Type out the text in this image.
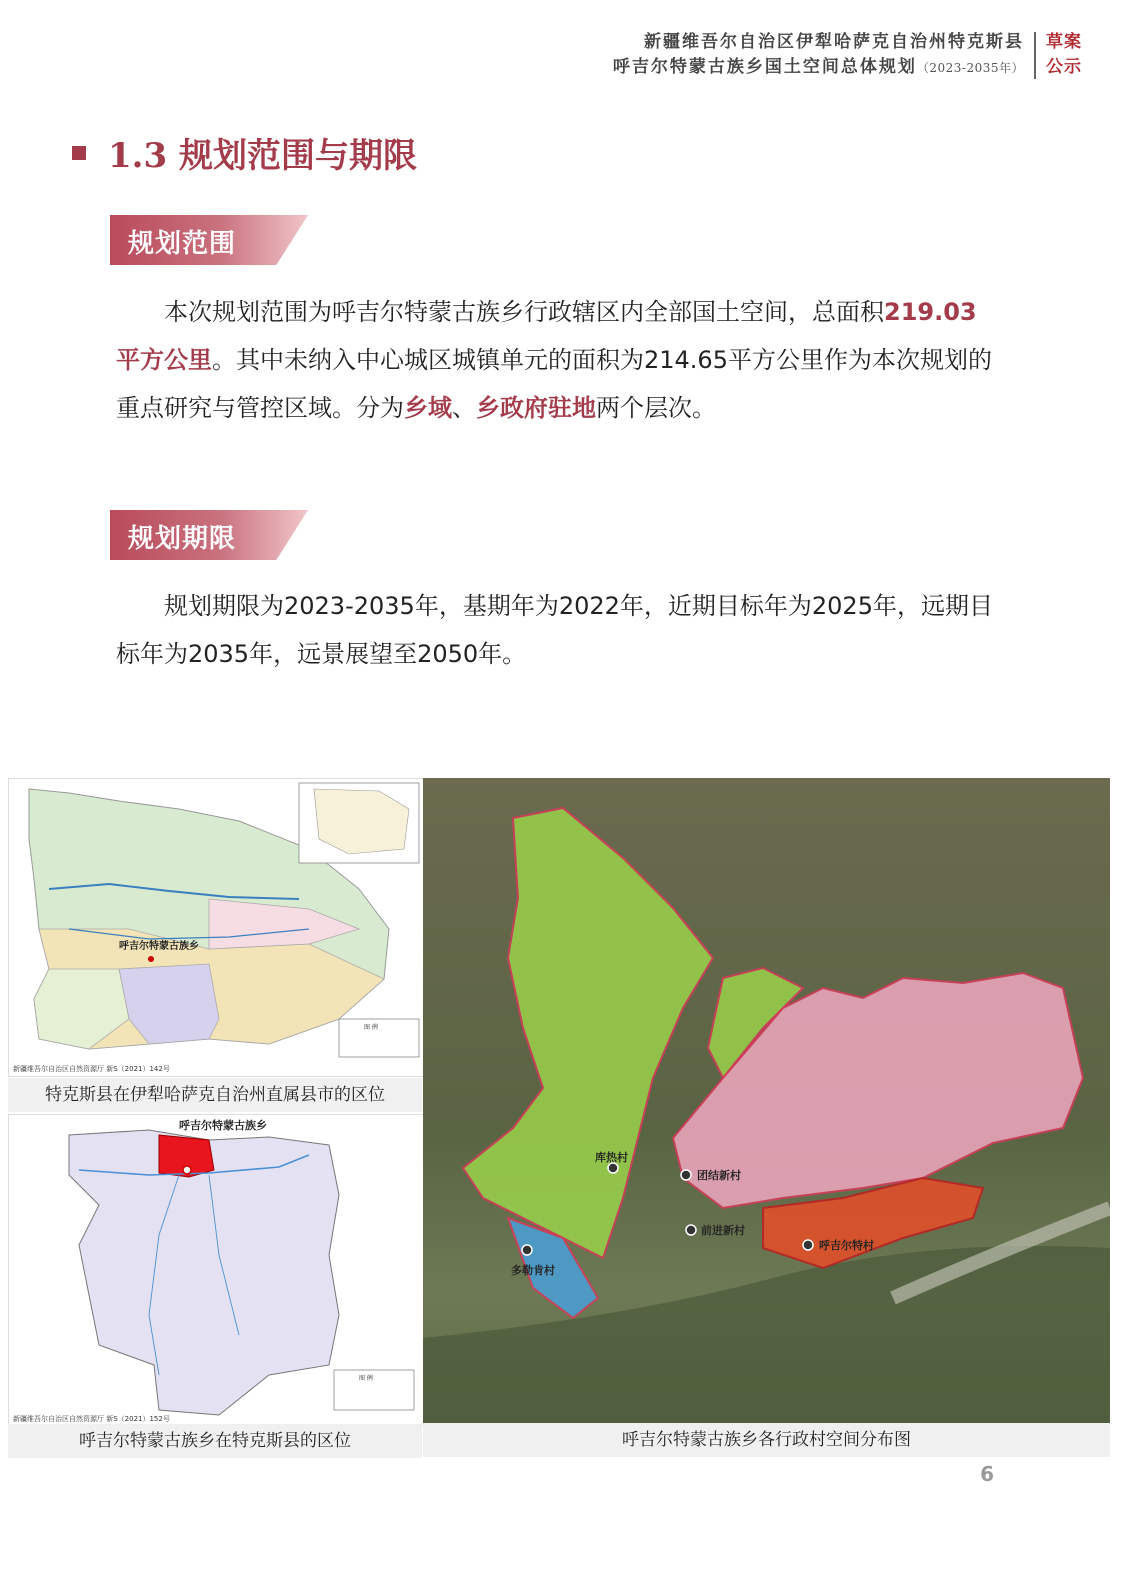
新疆维吾尔自治区伊犁哈萨克自治州特克斯县
呼吉尔特蒙古族乡国土空间总体规划（2023-2035年）
草案
公示
1.3 规划范围与期限
规划范围
本次规划范围为呼吉尔特蒙古族乡行政辖区内全部国土空间，总面积219.03平方公里。其中未纳入中心城区城镇单元的面积为214.65平方公里作为本次规划的重点研究与管控区域。分为乡域、乡政府驻地两个层次。
规划期限
规划期限为2023-2035年，基期年为2022年，近期目标年为2025年，远期目标年为2035年，远景展望至2050年。
呼吉尔特蒙古族乡
图 例
新疆维吾尔自治区自然资源厅 新S（2021）142号
特克斯县在伊犁哈萨克自治州直属县市的区位
呼吉尔特蒙古族乡
图 例
新疆维吾尔自治区自然资源厅 新S（2021）152号
呼吉尔特蒙古族乡在特克斯县的区位
库热村
团结新村
前进新村
呼吉尔特村
多勒肯村
呼吉尔特蒙古族乡各行政村空间分布图
6
